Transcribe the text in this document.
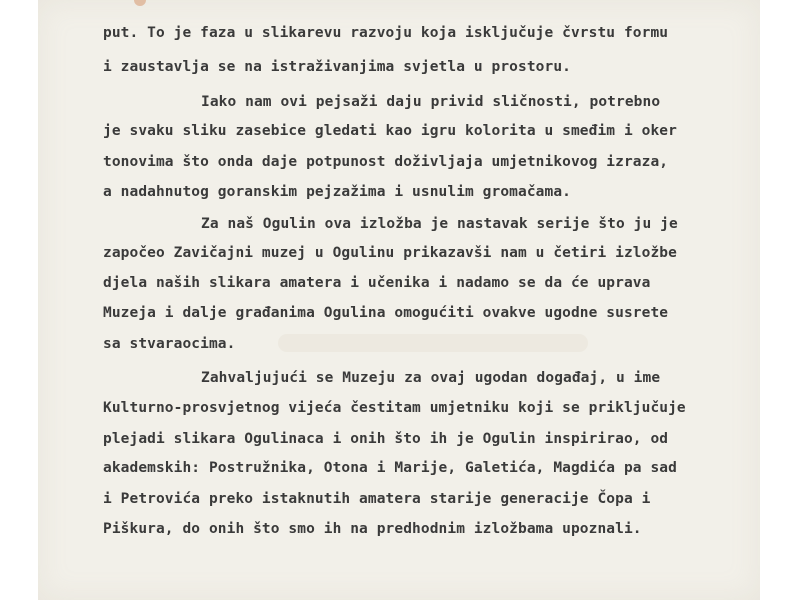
put. To je faza u slikarevu razvoju koja isključuje čvrstu formu
i zaustavlja se na istraživanjima svjetla u prostoru.
Iako nam ovi pejsaži daju privid sličnosti, potrebno
je svaku sliku zasebice gledati kao igru kolorita u smeđim i oker
tonovima što onda daje potpunost doživljaja umjetnikovog izraza,
a nadahnutog goranskim pejzažima i usnulim gromačama.
Za naš Ogulin ova izložba je nastavak serije što ju je
započeo Zavičajni muzej u Ogulinu prikazavši nam u četiri izložbe
djela naših slikara amatera i učenika i nadamo se da će uprava
Muzeja i dalje građanima Ogulina omogućiti ovakve ugodne susrete
sa stvaraocima.
Zahvaljujući se Muzeju za ovaj ugodan događaj, u ime
Kulturno-prosvjetnog vijeća čestitam umjetniku koji se priključuje
plejadi slikara Ogulinaca i onih što ih je Ogulin inspirirao, od
akademskih: Postružnika, Otona i Marije, Galetića, Magdića pa sad
i Petrovića preko istaknutih amatera starije generacije Čopa i
Piškura, do onih što smo ih na predhodnim izložbama upoznali.
